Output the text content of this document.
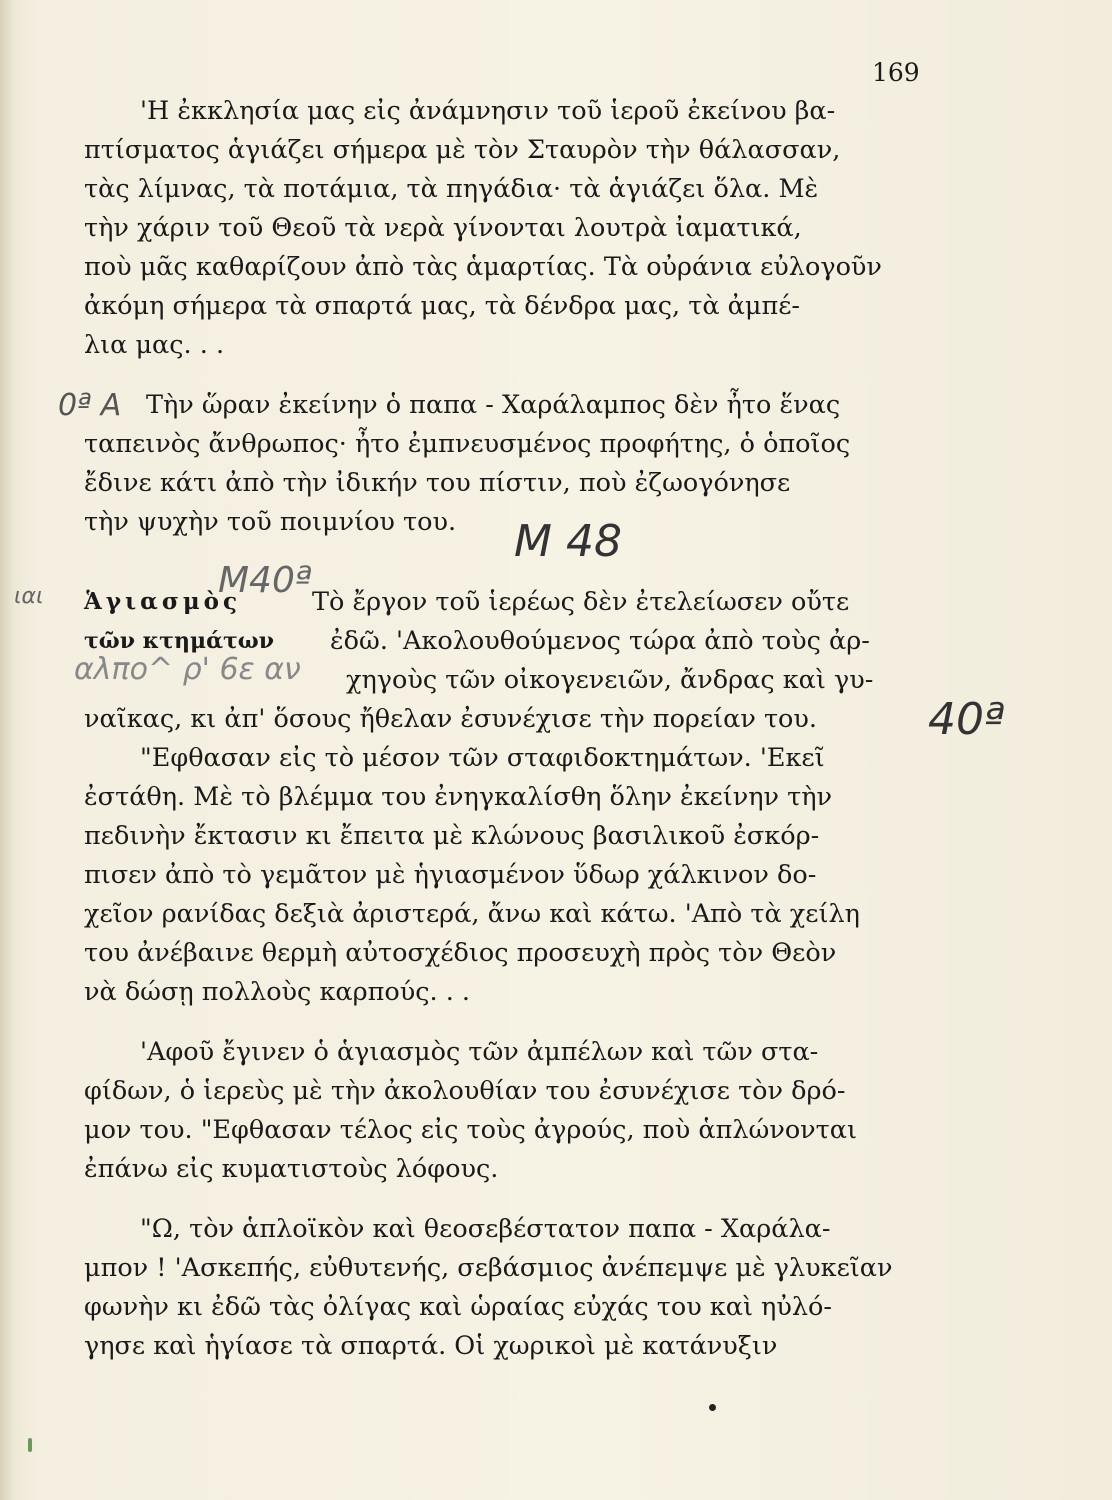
169
'Η ἐκκλησία μας εἰς ἀνάμνησιν τοῦ ἱεροῦ ἐκείνου βα-
πτίσματος ἁγιάζει σήμερα μὲ τὸν Σταυρὸν τὴν θάλασσαν,
τὰς λίμνας, τὰ ποτάμια, τὰ πηγάδια· τὰ ἁγιάζει ὅλα. Μὲ
τὴν χάριν τοῦ Θεοῦ τὰ νερὰ γίνονται λουτρὰ ἰαματικά,
ποὺ μᾶς καθαρίζουν ἀπὸ τὰς ἁμαρτίας. Τὰ οὐράνια εὐλογοῦν
ἀκόμη σήμερα τὰ σπαρτά μας, τὰ δένδρα μας, τὰ ἀμπέ-
λια μας. . .
0ª Α Τὴν ὥραν ἐκείνην ὁ παπα - Χαράλαμπος δὲν ἦτο ἕνας
ταπεινὸς ἄνθρωπος· ἦτο ἐμπνευσμένος προφήτης, ὁ ὁποῖος
ἔδινε κάτι ἀπὸ τὴν ἰδικήν του πίστιν, ποὺ ἐζωογόνησε
τὴν ψυχὴν τοῦ ποιμνίου του. Μ 48
ιαι	Μ40ª
Ἁγιασμὸς	Τὸ ἔργον τοῦ ἱερέως δὲν ἐτελείωσεν οὔτε
τῶν κτημάτων ἐδῶ. 'Ακολουθούμενος τώρα ἀπὸ τοὺς ἀρ-
αλπο^ ρ' 6ε αν χηγοὺς τῶν οἰκογενειῶν, ἄνδρας καὶ γυ-
ναῖκας, κι ἀπ' ὅσους ἤθελαν ἐσυνέχισε τὴν πορείαν του.	40ª
"Εφθασαν εἰς τὸ μέσον τῶν σταφιδοκτημάτων. 'Εκεῖ
ἐστάθη. Μὲ τὸ βλέμμα του ἐνηγκαλίσθη ὅλην ἐκείνην τὴν
πεδινὴν ἔκτασιν κι ἔπειτα μὲ κλώνους βασιλικοῦ ἐσκόρ-
πισεν ἀπὸ τὸ γεμᾶτον μὲ ἡγιασμένον ὕδωρ χάλκινον δο-
χεῖον ρανίδας δεξιὰ ἀριστερά, ἄνω καὶ κάτω. 'Απὸ τὰ χείλη
του ἀνέβαινε θερμὴ αὐτοσχέδιος προσευχὴ πρὸς τὸν Θεὸν
νὰ δώσῃ πολλοὺς καρπούς. . .
'Αφοῦ ἔγινεν ὁ ἁγιασμὸς τῶν ἀμπέλων καὶ τῶν στα-
φίδων, ὁ ἱερεὺς μὲ τὴν ἀκολουθίαν του ἐσυνέχισε τὸν δρό-
μον του. "Εφθασαν τέλος εἰς τοὺς ἀγρούς, ποὺ ἁπλώνονται
ἐπάνω εἰς κυματιστοὺς λόφους.
"Ω, τὸν ἁπλοϊκὸν καὶ θεοσεβέστατον παπα - Χαράλα-
μπον ! 'Ασκεπής, εὐθυτενής, σεβάσμιος ἀνέπεμψε μὲ γλυκεῖαν
φωνὴν κι ἐδῶ τὰς ὀλίγας καὶ ὡραίας εὐχάς του καὶ ηὐλό-
γησε καὶ ἡγίασε τὰ σπαρτά. Οἱ χωρικοὶ μὲ κατάνυξιν
